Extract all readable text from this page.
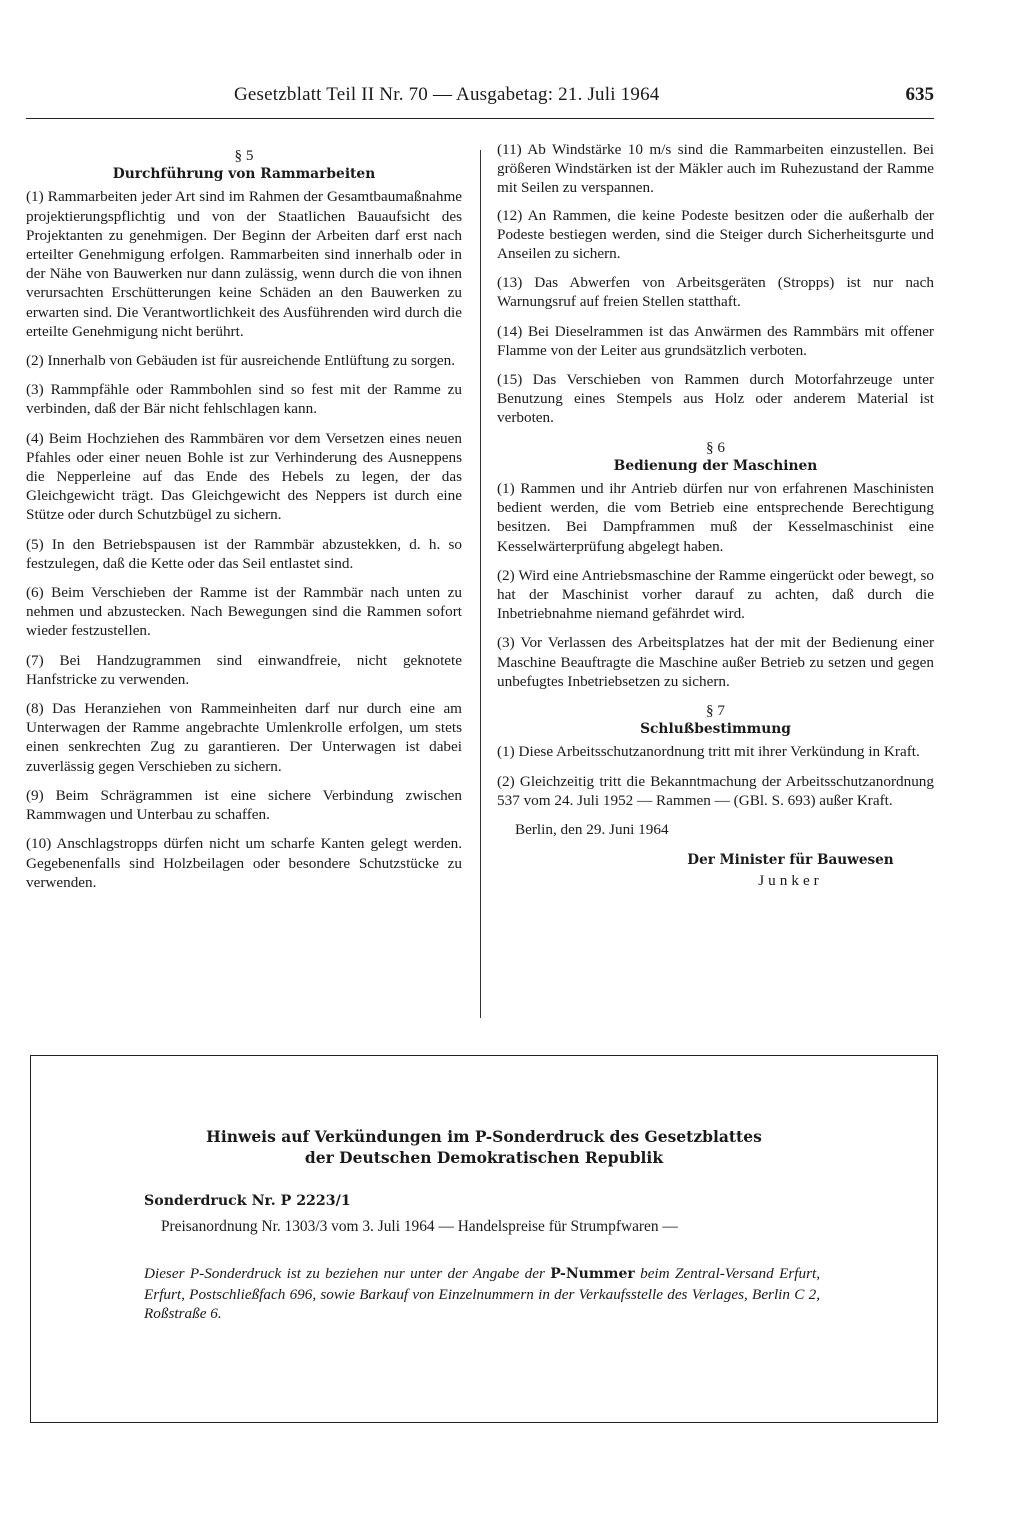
Gesetzblatt Teil II Nr. 70 — Ausgabetag: 21. Juli 1964	635

§ 5

Durchführung von Rammarbeiten

(1) Rammarbeiten jeder Art sind im Rahmen der Gesamtbaumaßnahme projektierungspflichtig und von der Staatlichen Bauaufsicht des Projektanten zu genehmigen. Der Beginn der Arbeiten darf erst nach erteilter Genehmigung erfolgen. Rammarbeiten sind innerhalb oder in der Nähe von Bauwerken nur dann zulässig, wenn durch die von ihnen verursachten Erschütterungen keine Schäden an den Bauwerken zu erwarten sind. Die Verantwortlichkeit des Ausführenden wird durch die erteilte Genehmigung nicht berührt.

(2) Innerhalb von Gebäuden ist für ausreichende Entlüftung zu sorgen.

(3) Rammpfähle oder Rammbohlen sind so fest mit der Ramme zu verbinden, daß der Bär nicht fehlschlagen kann.

(4) Beim Hochziehen des Rammbären vor dem Versetzen eines neuen Pfahles oder einer neuen Bohle ist zur Verhinderung des Ausneppens die Nepperleine auf das Ende des Hebels zu legen, der das Gleichgewicht trägt. Das Gleichgewicht des Neppers ist durch eine Stütze oder durch Schutzbügel zu sichern.

(5) In den Betriebspausen ist der Rammbär abzustekken, d. h. so festzulegen, daß die Kette oder das Seil entlastet sind.

(6) Beim Verschieben der Ramme ist der Rammbär nach unten zu nehmen und abzustecken. Nach Bewegungen sind die Rammen sofort wieder festzustellen.

(7) Bei Handzugrammen sind einwandfreie, nicht geknotete Hanfstricke zu verwenden.

(8) Das Heranziehen von Rammeinheiten darf nur durch eine am Unterwagen der Ramme angebrachte Umlenkrolle erfolgen, um stets einen senkrechten Zug zu garantieren. Der Unterwagen ist dabei zuverlässig gegen Verschieben zu sichern.

(9) Beim Schrägrammen ist eine sichere Verbindung zwischen Rammwagen und Unterbau zu schaffen.

(10) Anschlagstropps dürfen nicht um scharfe Kanten gelegt werden. Gegebenenfalls sind Holzbeilagen oder besondere Schutzstücke zu verwenden.

(11) Ab Windstärke 10 m/s sind die Rammarbeiten einzustellen. Bei größeren Windstärken ist der Mäkler auch im Ruhezustand der Ramme mit Seilen zu verspannen.

(12) An Rammen, die keine Podeste besitzen oder die außerhalb der Podeste bestiegen werden, sind die Steiger durch Sicherheitsgurte und Anseilen zu sichern.

(13) Das Abwerfen von Arbeitsgeräten (Stropps) ist nur nach Warnungsruf auf freien Stellen statthaft.

(14) Bei Dieselrammen ist das Anwärmen des Rammbärs mit offener Flamme von der Leiter aus grundsätzlich verboten.

(15) Das Verschieben von Rammen durch Motorfahrzeuge unter Benutzung eines Stempels aus Holz oder anderem Material ist verboten.

§ 6

Bedienung der Maschinen

(1) Rammen und ihr Antrieb dürfen nur von erfahrenen Maschinisten bedient werden, die vom Betrieb eine entsprechende Berechtigung besitzen. Bei Dampframmen muß der Kesselmaschinist eine Kesselwärterprüfung abgelegt haben.

(2) Wird eine Antriebsmaschine der Ramme eingerückt oder bewegt, so hat der Maschinist vorher darauf zu achten, daß durch die Inbetriebnahme niemand gefährdet wird.

(3) Vor Verlassen des Arbeitsplatzes hat der mit der Bedienung einer Maschine Beauftragte die Maschine außer Betrieb zu setzen und gegen unbefugtes Inbetriebsetzen zu sichern.

§ 7

Schlußbestimmung

(1) Diese Arbeitsschutzanordnung tritt mit ihrer Verkündung in Kraft.

(2) Gleichzeitig tritt die Bekanntmachung der Arbeitsschutzanordnung 537 vom 24. Juli 1952 — Rammen — (GBl. S. 693) außer Kraft.

Berlin, den 29. Juni 1964

Der Minister für Bauwesen

Junker

Hinweis auf Verkündungen im P-Sonderdruck des Gesetzblattes
der Deutschen Demokratischen Republik
Sonderdruck Nr. P 2223/1
Preisanordnung Nr. 1303/3 vom 3. Juli 1964 — Handelspreise für Strumpfwaren —
Dieser P-Sonderdruck ist zu beziehen nur unter der Angabe der P-Nummer beim Zentral-Versand Erfurt, Erfurt, Postschließfach 696, sowie Barkauf von Einzelnummern in der Verkaufsstelle des Verlages, Berlin C 2, Roßstraße 6.
